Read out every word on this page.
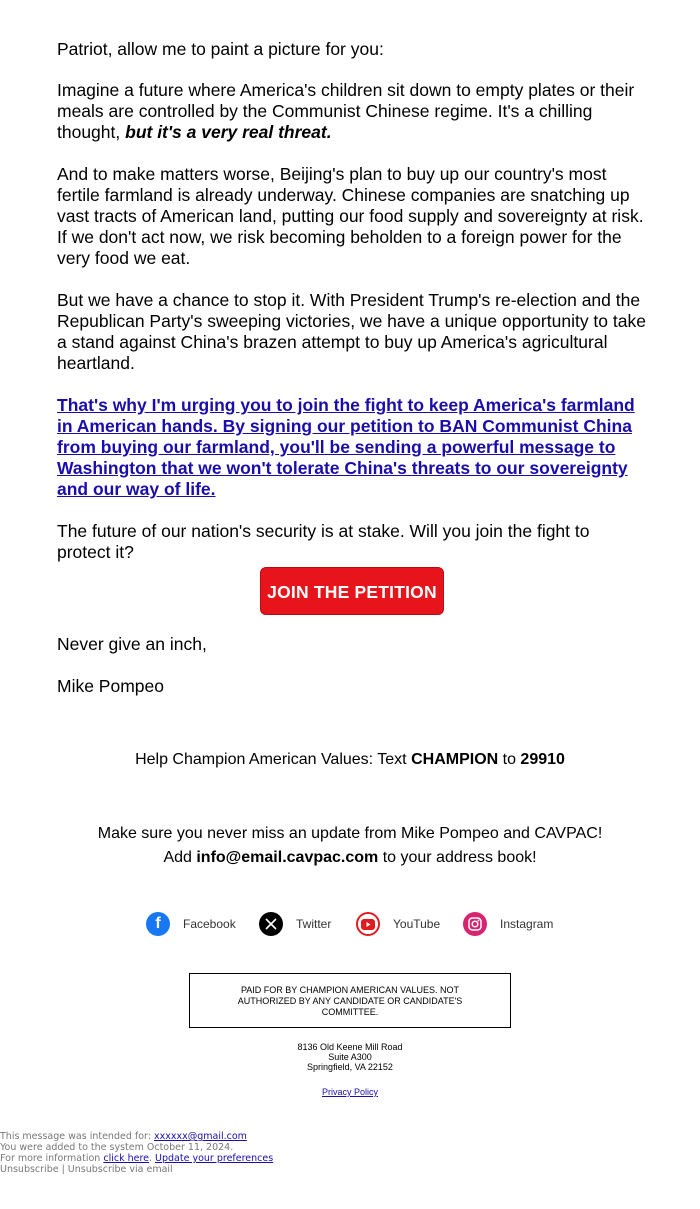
Patriot, allow me to paint a picture for you:

Imagine a future where America's children sit down to empty plates or their meals are controlled by the Communist Chinese regime. It's a chilling thought, but it's a very real threat.

And to make matters worse, Beijing's plan to buy up our country's most fertile farmland is already underway. Chinese companies are snatching up vast tracts of American land, putting our food supply and sovereignty at risk. If we don't act now, we risk becoming beholden to a foreign power for the very food we eat.

But we have a chance to stop it. With President Trump's re-election and the Republican Party's sweeping victories, we have a unique opportunity to take a stand against China's brazen attempt to buy up America's agricultural heartland.

That's why I'm urging you to join the fight to keep America's farmland in American hands. By signing our petition to BAN Communist China from buying our farmland, you'll be sending a powerful message to Washington that we won't tolerate China's threats to our sovereignty and our way of life.

The future of our nation's security is at stake. Will you join the fight to protect it?

JOIN THE PETITION

Never give an inch,

Mike Pompeo

Help Champion American Values: Text CHAMPION to 29910
Make sure you never miss an update from Mike Pompeo and CAVPAC!
Add info@email.cavpac.com to your address book!
f	Facebook	Twitter	YouTube	Instagram
PAID FOR BY CHAMPION AMERICAN VALUES. NOT AUTHORIZED BY ANY CANDIDATE OR CANDIDATE'S COMMITTEE.
8136 Old Keene Mill Road
Suite A300
Springfield, VA 22152
Privacy Policy
This message was intended for: xxxxxx@gmail.com
You were added to the system October 11, 2024.
For more information click here. Update your preferences
Unsubscribe | Unsubscribe via email
